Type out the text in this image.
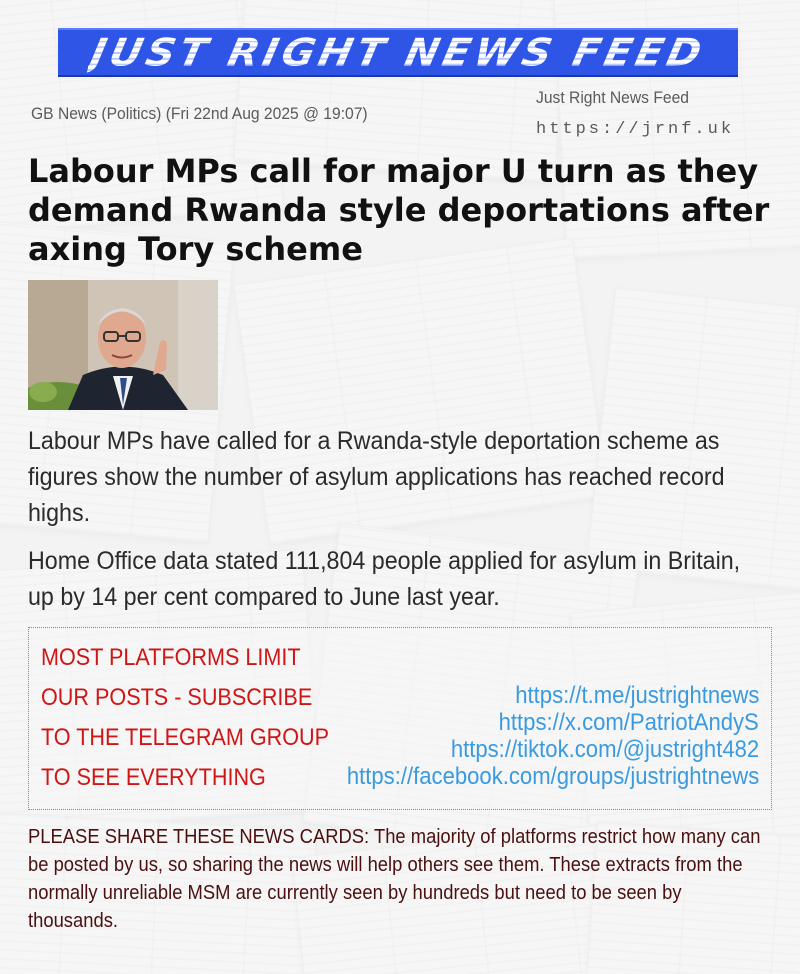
JUST RIGHT NEWS FEED
GB News (Politics) (Fri 22nd Aug 2025 @ 19:07)
Just Right News Feed
https://jrnf.uk
Labour MPs call for major U turn as they demand Rwanda style deportations after axing Tory scheme

Labour MPs have called for a Rwanda-style deportation scheme as figures show the number of asylum applications has reached record highs.

Home Office data stated 111,804 people applied for asylum in Britain, up by 14 per cent compared to June last year.

MOST PLATFORMS LIMIT
OUR POSTS - SUBSCRIBE
TO THE TELEGRAM GROUP
TO SEE EVERYTHING
https://t.me/justrightnews
https://x.com/PatriotAndyS
https://tiktok.com/@justright482
https://facebook.com/groups/justrightnews

PLEASE SHARE THESE NEWS CARDS: The majority of platforms restrict how many can be posted by us, so sharing the news will help others see them. These extracts from the normally unreliable MSM are currently seen by hundreds but need to be seen by thousands.
